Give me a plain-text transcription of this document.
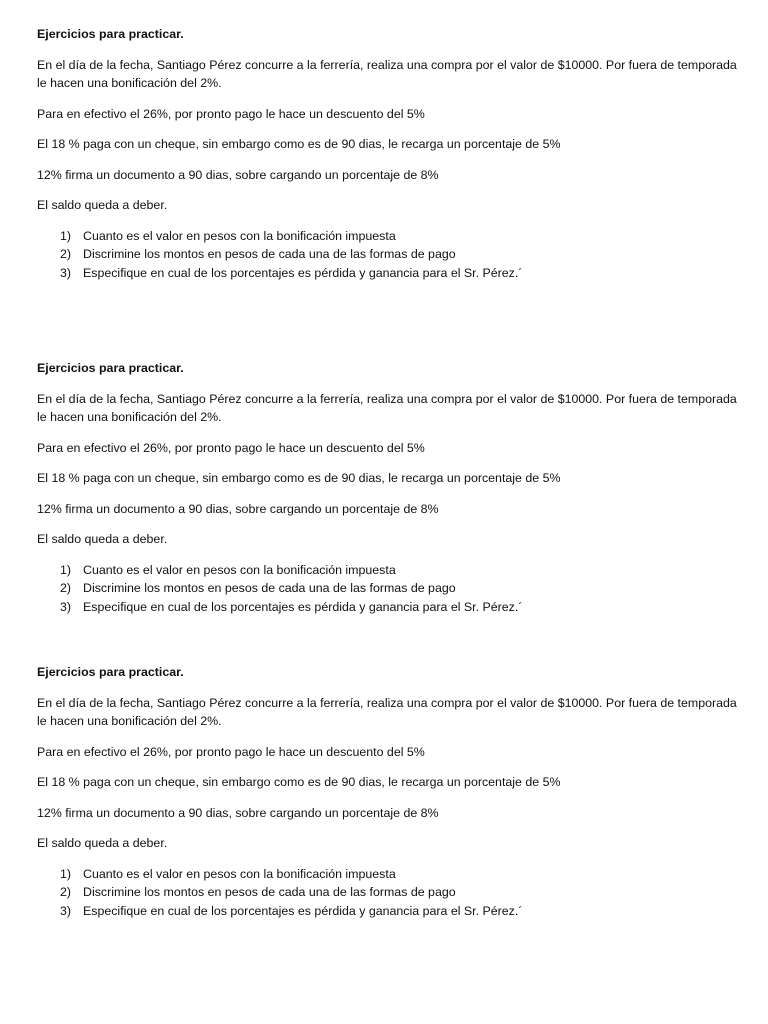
Ejercicios para practicar.

En el día de la fecha, Santiago Pérez concurre a la ferrería, realiza una compra por el valor de $10000. Por fuera de temporada le hacen una bonificación del 2%.

Para en efectivo el 26%, por pronto pago le hace un descuento del 5%

El 18 % paga con un cheque, sin embargo como es de 90 dias, le recarga un porcentaje de 5%

12% firma un documento a 90 dias, sobre cargando un porcentaje de 8%

El saldo queda a deber.

1) Cuanto es el valor en pesos con la bonificación impuesta
2) Discrimine los montos en pesos de cada una de las formas de pago
3) Especifique en cual de los porcentajes es pérdida y ganancia para el Sr. Pérez.´

Ejercicios para practicar.

En el día de la fecha, Santiago Pérez concurre a la ferrería, realiza una compra por el valor de $10000. Por fuera de temporada le hacen una bonificación del 2%.

Para en efectivo el 26%, por pronto pago le hace un descuento del 5%

El 18 % paga con un cheque, sin embargo como es de 90 dias, le recarga un porcentaje de 5%

12% firma un documento a 90 dias, sobre cargando un porcentaje de 8%

El saldo queda a deber.

1) Cuanto es el valor en pesos con la bonificación impuesta
2) Discrimine los montos en pesos de cada una de las formas de pago
3) Especifique en cual de los porcentajes es pérdida y ganancia para el Sr. Pérez.´

Ejercicios para practicar.

En el día de la fecha, Santiago Pérez concurre a la ferrería, realiza una compra por el valor de $10000. Por fuera de temporada le hacen una bonificación del 2%.

Para en efectivo el 26%, por pronto pago le hace un descuento del 5%

El 18 % paga con un cheque, sin embargo como es de 90 dias, le recarga un porcentaje de 5%

12% firma un documento a 90 dias, sobre cargando un porcentaje de 8%

El saldo queda a deber.

1) Cuanto es el valor en pesos con la bonificación impuesta
2) Discrimine los montos en pesos de cada una de las formas de pago
3) Especifique en cual de los porcentajes es pérdida y ganancia para el Sr. Pérez.´
